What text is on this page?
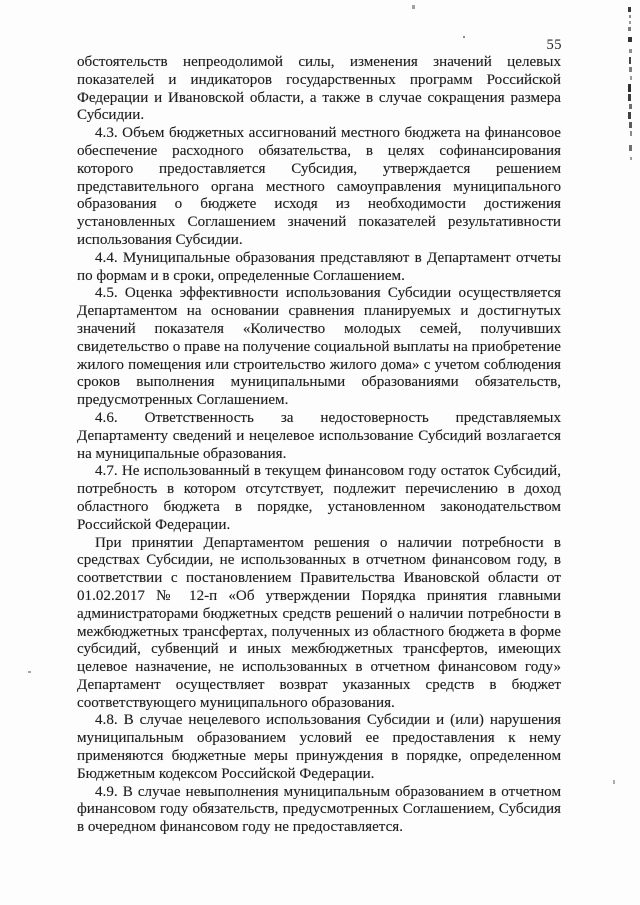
55

обстоятельств непреодолимой силы, изменения значений целевых показателей и индикаторов государственных программ Российской Федерации и Ивановской области, а также в случае сокращения размера Субсидии.

4.3. Объем бюджетных ассигнований местного бюджета на финансовое обеспечение расходного обязательства, в целях софинансирования которого предоставляется Субсидия, утверждается решением представительного органа местного самоуправления муниципального образования о бюджете исходя из необходимости достижения установленных Соглашением значений показателей результативности использования Субсидии.

4.4. Муниципальные образования представляют в Департамент отчеты по формам и в сроки, определенные Соглашением.

4.5. Оценка эффективности использования Субсидии осуществляется Департаментом на основании сравнения планируемых и достигнутых значений показателя «Количество молодых семей, получивших свидетельство о праве на получение социальной выплаты на приобретение жилого помещения или строительство жилого дома» с учетом соблюдения сроков выполнения муниципальными образованиями обязательств, предусмотренных Соглашением.

4.6. Ответственность за недостоверность представляемых Департаменту сведений и нецелевое использование Субсидий возлагается на муниципальные образования.

4.7. Не использованный в текущем финансовом году остаток Субсидий, потребность в котором отсутствует, подлежит перечислению в доход областного бюджета в порядке, установленном законодательством Российской Федерации.

При принятии Департаментом решения о наличии потребности в средствах Субсидии, не использованных в отчетном финансовом году, в соответствии с постановлением Правительства Ивановской области от 01.02.2017 № 12-п «Об утверждении Порядка принятия главными администраторами бюджетных средств решений о наличии потребности в межбюджетных трансфертах, полученных из областного бюджета в форме субсидий, субвенций и иных межбюджетных трансфертов, имеющих целевое назначение, не использованных в отчетном финансовом году» Департамент осуществляет возврат указанных средств в бюджет соответствующего муниципального образования.

4.8. В случае нецелевого использования Субсидии и (или) нарушения муниципальным образованием условий ее предоставления к нему применяются бюджетные меры принуждения в порядке, определенном Бюджетным кодексом Российской Федерации.

4.9. В случае невыполнения муниципальным образованием в отчетном финансовом году обязательств, предусмотренных Соглашением, Субсидия в очередном финансовом году не предоставляется.
